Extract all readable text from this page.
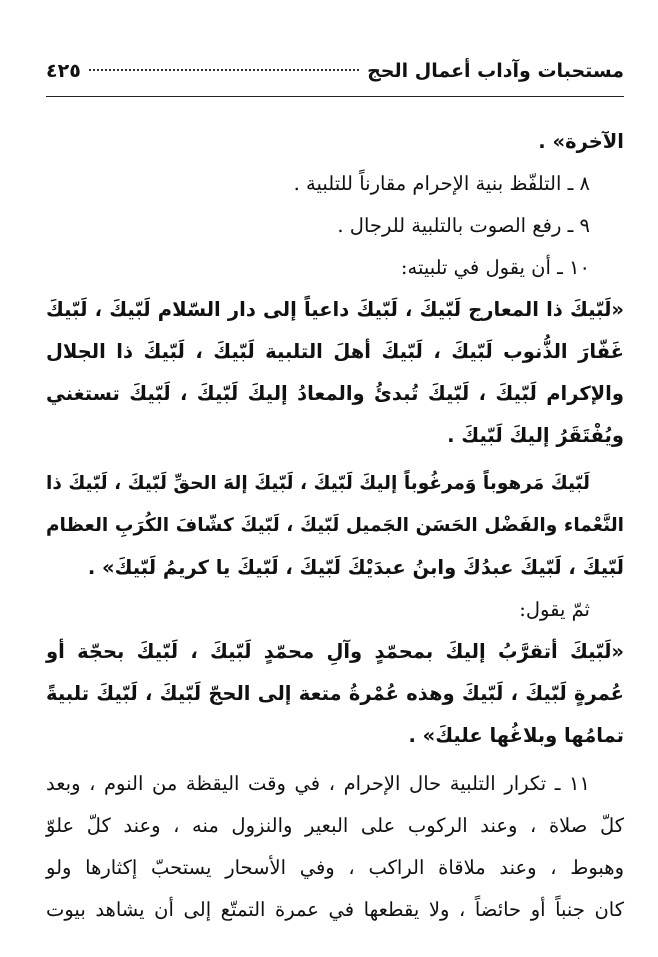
مستحبات وآداب أعمال الحج
٤٢٥
الآخرة» .
٨ ـ التلفّظ بنية الإحرام مقارناً للتلبية .
٩ ـ رفع الصوت بالتلبية للرجال .
١٠ ـ أن يقول في تلبيته:
«لَبّيكَ ذا المعارج لَبّيكَ ، لَبّيكَ داعياً إلى دار السّلام لَبّيكَ ، لَبّيكَ
غَفّارَ الذُّنوب لَبّيكَ ، لَبّيكَ أهلَ التلبية لَبّيكَ ، لَبّيكَ ذا الجلال
والإكرام لَبّيكَ ، لَبّيكَ تُبدئُ والمعادُ إليكَ لَبّيكَ ، لَبّيكَ تستغني
ويُفْتَقَرُ إليكَ لَبّيكَ .
لَبّيكَ مَرهوباً وَمرغُوباً إليكَ لَبّيكَ ، لَبّيكَ إلهَ الحقِّ لَبّيكَ ، لَبّيكَ ذا
النَّعْماء والفَضْل الحَسَن الجَميل لَبّيكَ ، لَبّيكَ كشّافَ الكُرَبِ العظام
لَبّيكَ ، لَبّيكَ عبدُكَ وابنُ عبدَيْكَ لَبّيكَ ، لَبّيكَ يا كريمُ لَبّيكَ» .
ثمّ يقول:
«لَبّيكَ أتقرَّبُ إليكَ بمحمّدٍ وآلِ محمّدٍ لَبّيكَ ، لَبّيكَ بحجّة أو
عُمرةٍ لَبّيكَ ، لَبّيكَ وهذه عُمْرةُ متعة إلى الحجّ لَبّيكَ ، لَبّيكَ تلبيةً
تمامُها وبلاغُها عليكَ» .
١١ ـ تكرار التلبية حال الإحرام ، في وقت اليقظة من النوم ، وبعد
كلّ صلاة ، وعند الركوب على البعير والنزول منه ، وعند كلّ علوّ
وهبوط ، وعند ملاقاة الراكب ، وفي الأسحار يستحبّ إكثارها ولو
كان جنباً أو حائضاً ، ولا يقطعها في عمرة التمتّع إلى أن يشاهد بيوت
